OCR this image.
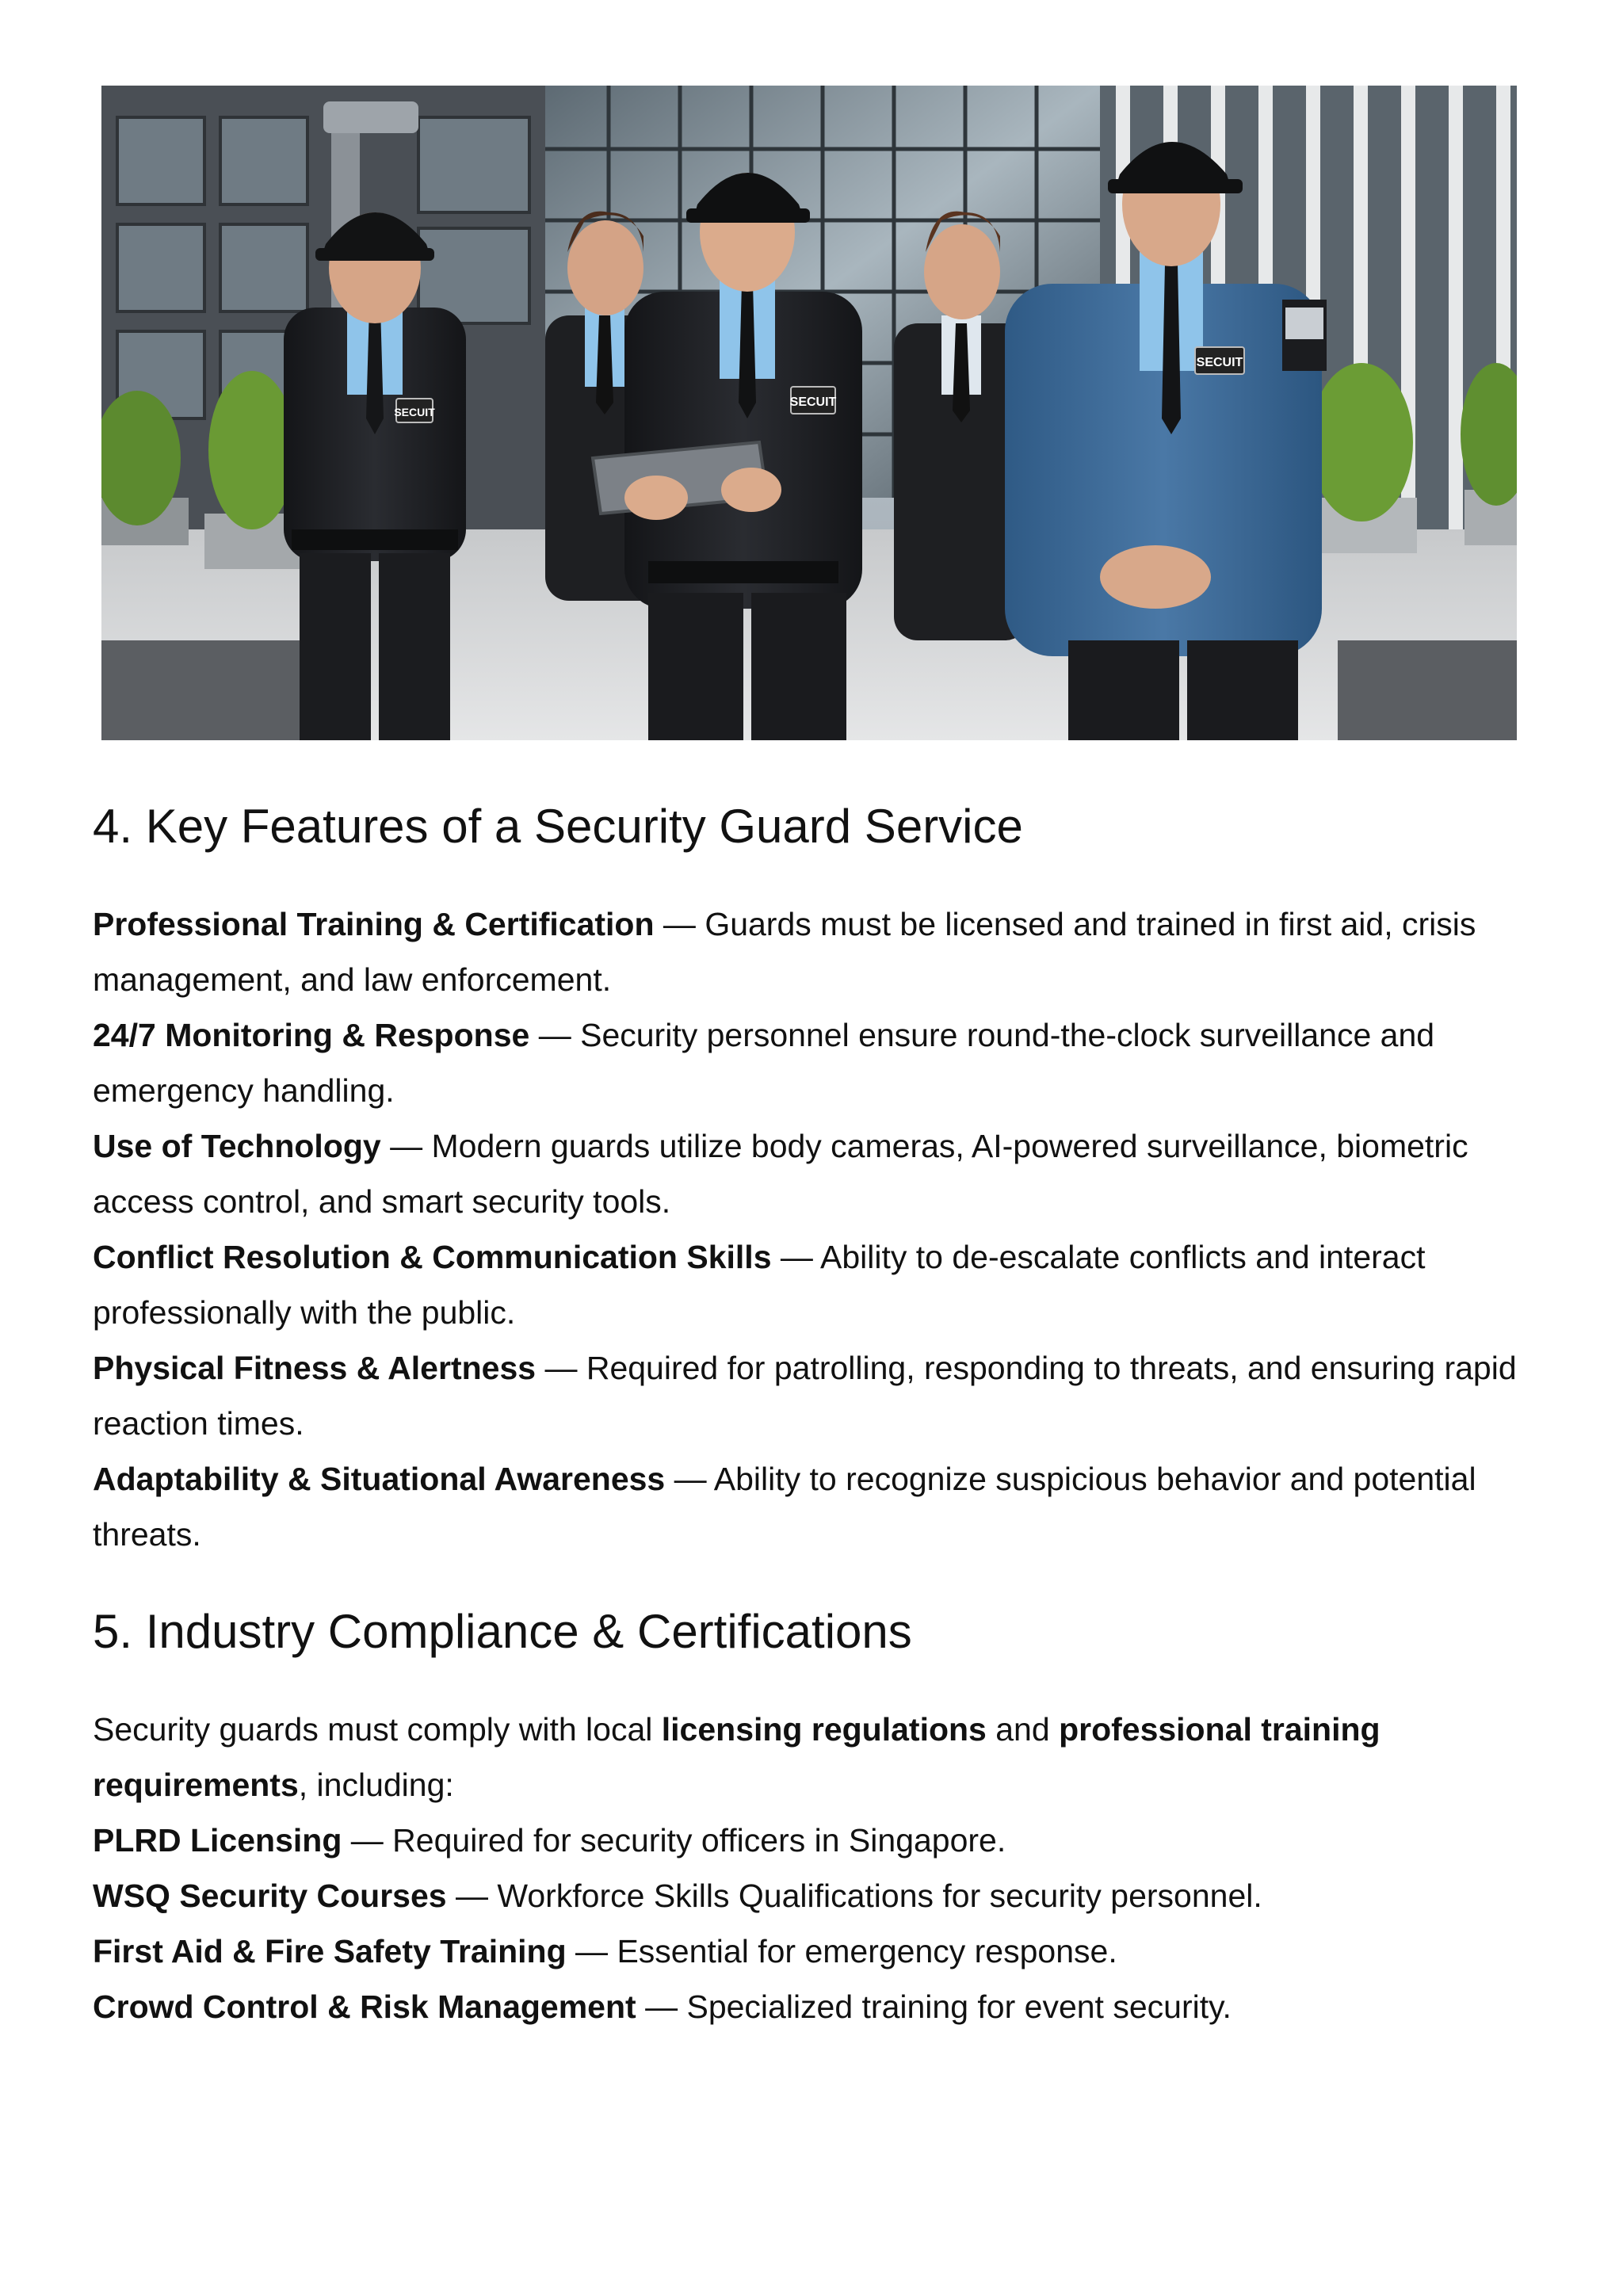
SECUIT
SECUIT
SECUIT
4. Key Features of a Security Guard Service

Professional Training & Certification — Guards must be licensed and trained in first aid, crisis management, and law enforcement.

24/7 Monitoring & Response — Security personnel ensure round-the-clock surveillance and emergency handling.

Use of Technology — Modern guards utilize body cameras, AI-powered surveillance, biometric access control, and smart security tools.

Conflict Resolution & Communication Skills — Ability to de-escalate conflicts and interact professionally with the public.

Physical Fitness & Alertness — Required for patrolling, responding to threats, and ensuring rapid reaction times.

Adaptability & Situational Awareness — Ability to recognize suspicious behavior and potential threats.

5. Industry Compliance & Certifications

Security guards must comply with local licensing regulations and professional training requirements, including:

PLRD Licensing — Required for security officers in Singapore.

WSQ Security Courses — Workforce Skills Qualifications for security personnel.

First Aid & Fire Safety Training — Essential for emergency response.

Crowd Control & Risk Management — Specialized training for event security.
